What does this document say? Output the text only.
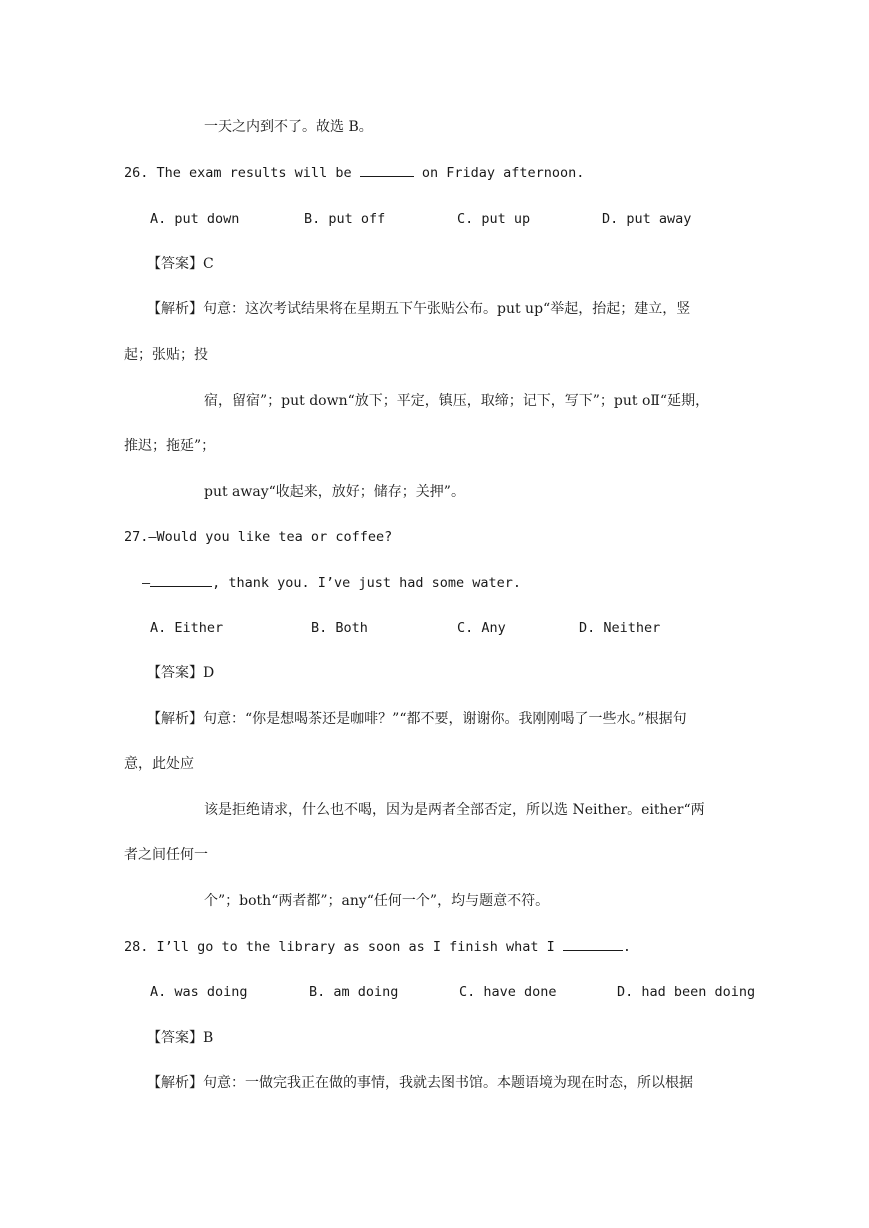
一天之内到不了。故选 B。
26. The exam results will be	on Friday afternoon.
A. put down	B. put off	C. put up	D. put away
【答案】C
【解析】句意：这次考试结果将在星期五下午张贴公布。put up“举起，抬起；建立，竖
起；张贴；投
宿，留宿”；put down“放下；平定，镇压，取缔；记下，写下”；put oⅡ“延期，
推迟；拖延”；
put away“收起来，放好；储存；关押”。
27.—Would you like tea or coffee?
—	, thank you. I’ve just had some water.
A. Either	B. Both	C. Any	D. Neither
【答案】D
【解析】句意：“你是想喝茶还是咖啡？”“都不要，谢谢你。我刚刚喝了一些水。”根据句
意，此处应
该是拒绝请求，什么也不喝，因为是两者全部否定，所以选 Neither。either“两
者之间任何一
个”；both“两者都”；any“任何一个”，均与题意不符。
28. I’ll go to the library as soon as I finish what I	.
A. was doing	B. am doing	C. have done	D. had been doing
【答案】B
【解析】句意：一做完我正在做的事情，我就去图书馆。本题语境为现在时态，所以根据
